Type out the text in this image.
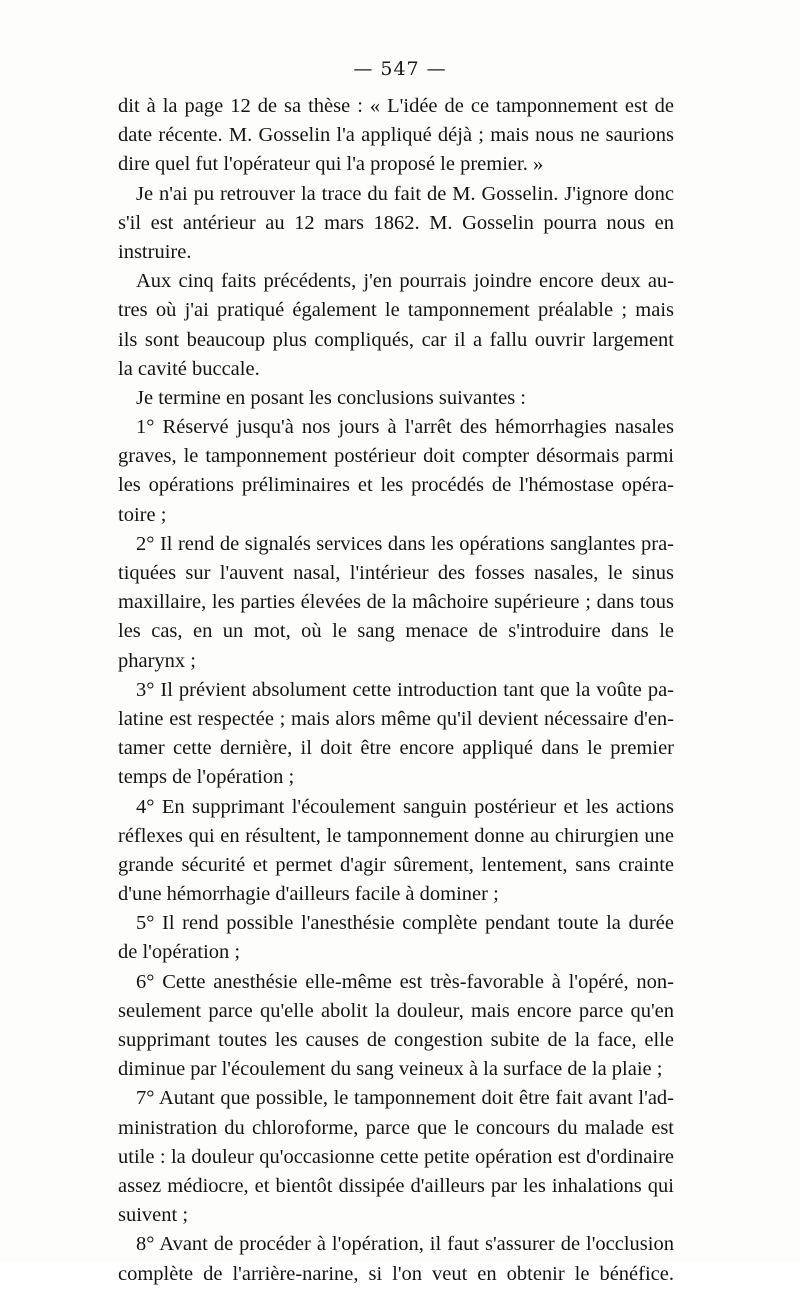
— 547 —
dit à la page 12 de sa thèse : « L'idée de ce tamponnement est de
date récente. M. Gosselin l'a appliqué déjà ; mais nous ne saurions
dire quel fut l'opérateur qui l'a proposé le premier. »
Je n'ai pu retrouver la trace du fait de M. Gosselin. J'ignore donc
s'il est antérieur au 12 mars 1862. M. Gosselin pourra nous en
instruire.
Aux cinq faits précédents, j'en pourrais joindre encore deux au-
tres où j'ai pratiqué également le tamponnement préalable ; mais
ils sont beaucoup plus compliqués, car il a fallu ouvrir largement
la cavité buccale.
Je termine en posant les conclusions suivantes :
1° Réservé jusqu'à nos jours à l'arrêt des hémorrhagies nasales
graves, le tamponnement postérieur doit compter désormais parmi
les opérations préliminaires et les procédés de l'hémostase opéra-
toire ;
2° Il rend de signalés services dans les opérations sanglantes pra-
tiquées sur l'auvent nasal, l'intérieur des fosses nasales, le sinus
maxillaire, les parties élevées de la mâchoire supérieure ; dans tous
les cas, en un mot, où le sang menace de s'introduire dans le
pharynx ;
3° Il prévient absolument cette introduction tant que la voûte pa-
latine est respectée ; mais alors même qu'il devient nécessaire d'en-
tamer cette dernière, il doit être encore appliqué dans le premier
temps de l'opération ;
4° En supprimant l'écoulement sanguin postérieur et les actions
réflexes qui en résultent, le tamponnement donne au chirurgien une
grande sécurité et permet d'agir sûrement, lentement, sans crainte
d'une hémorrhagie d'ailleurs facile à dominer ;
5° Il rend possible l'anesthésie complète pendant toute la durée
de l'opération ;
6° Cette anesthésie elle-même est très-favorable à l'opéré, non-
seulement parce qu'elle abolit la douleur, mais encore parce qu'en
supprimant toutes les causes de congestion subite de la face, elle
diminue par l'écoulement du sang veineux à la surface de la plaie ;
7° Autant que possible, le tamponnement doit être fait avant l'ad-
ministration du chloroforme, parce que le concours du malade est
utile : la douleur qu'occasionne cette petite opération est d'ordinaire
assez médiocre, et bientôt dissipée d'ailleurs par les inhalations qui
suivent ;
8° Avant de procéder à l'opération, il faut s'assurer de l'occlusion
complète de l'arrière-narine, si l'on veut en obtenir le bénéfice.
